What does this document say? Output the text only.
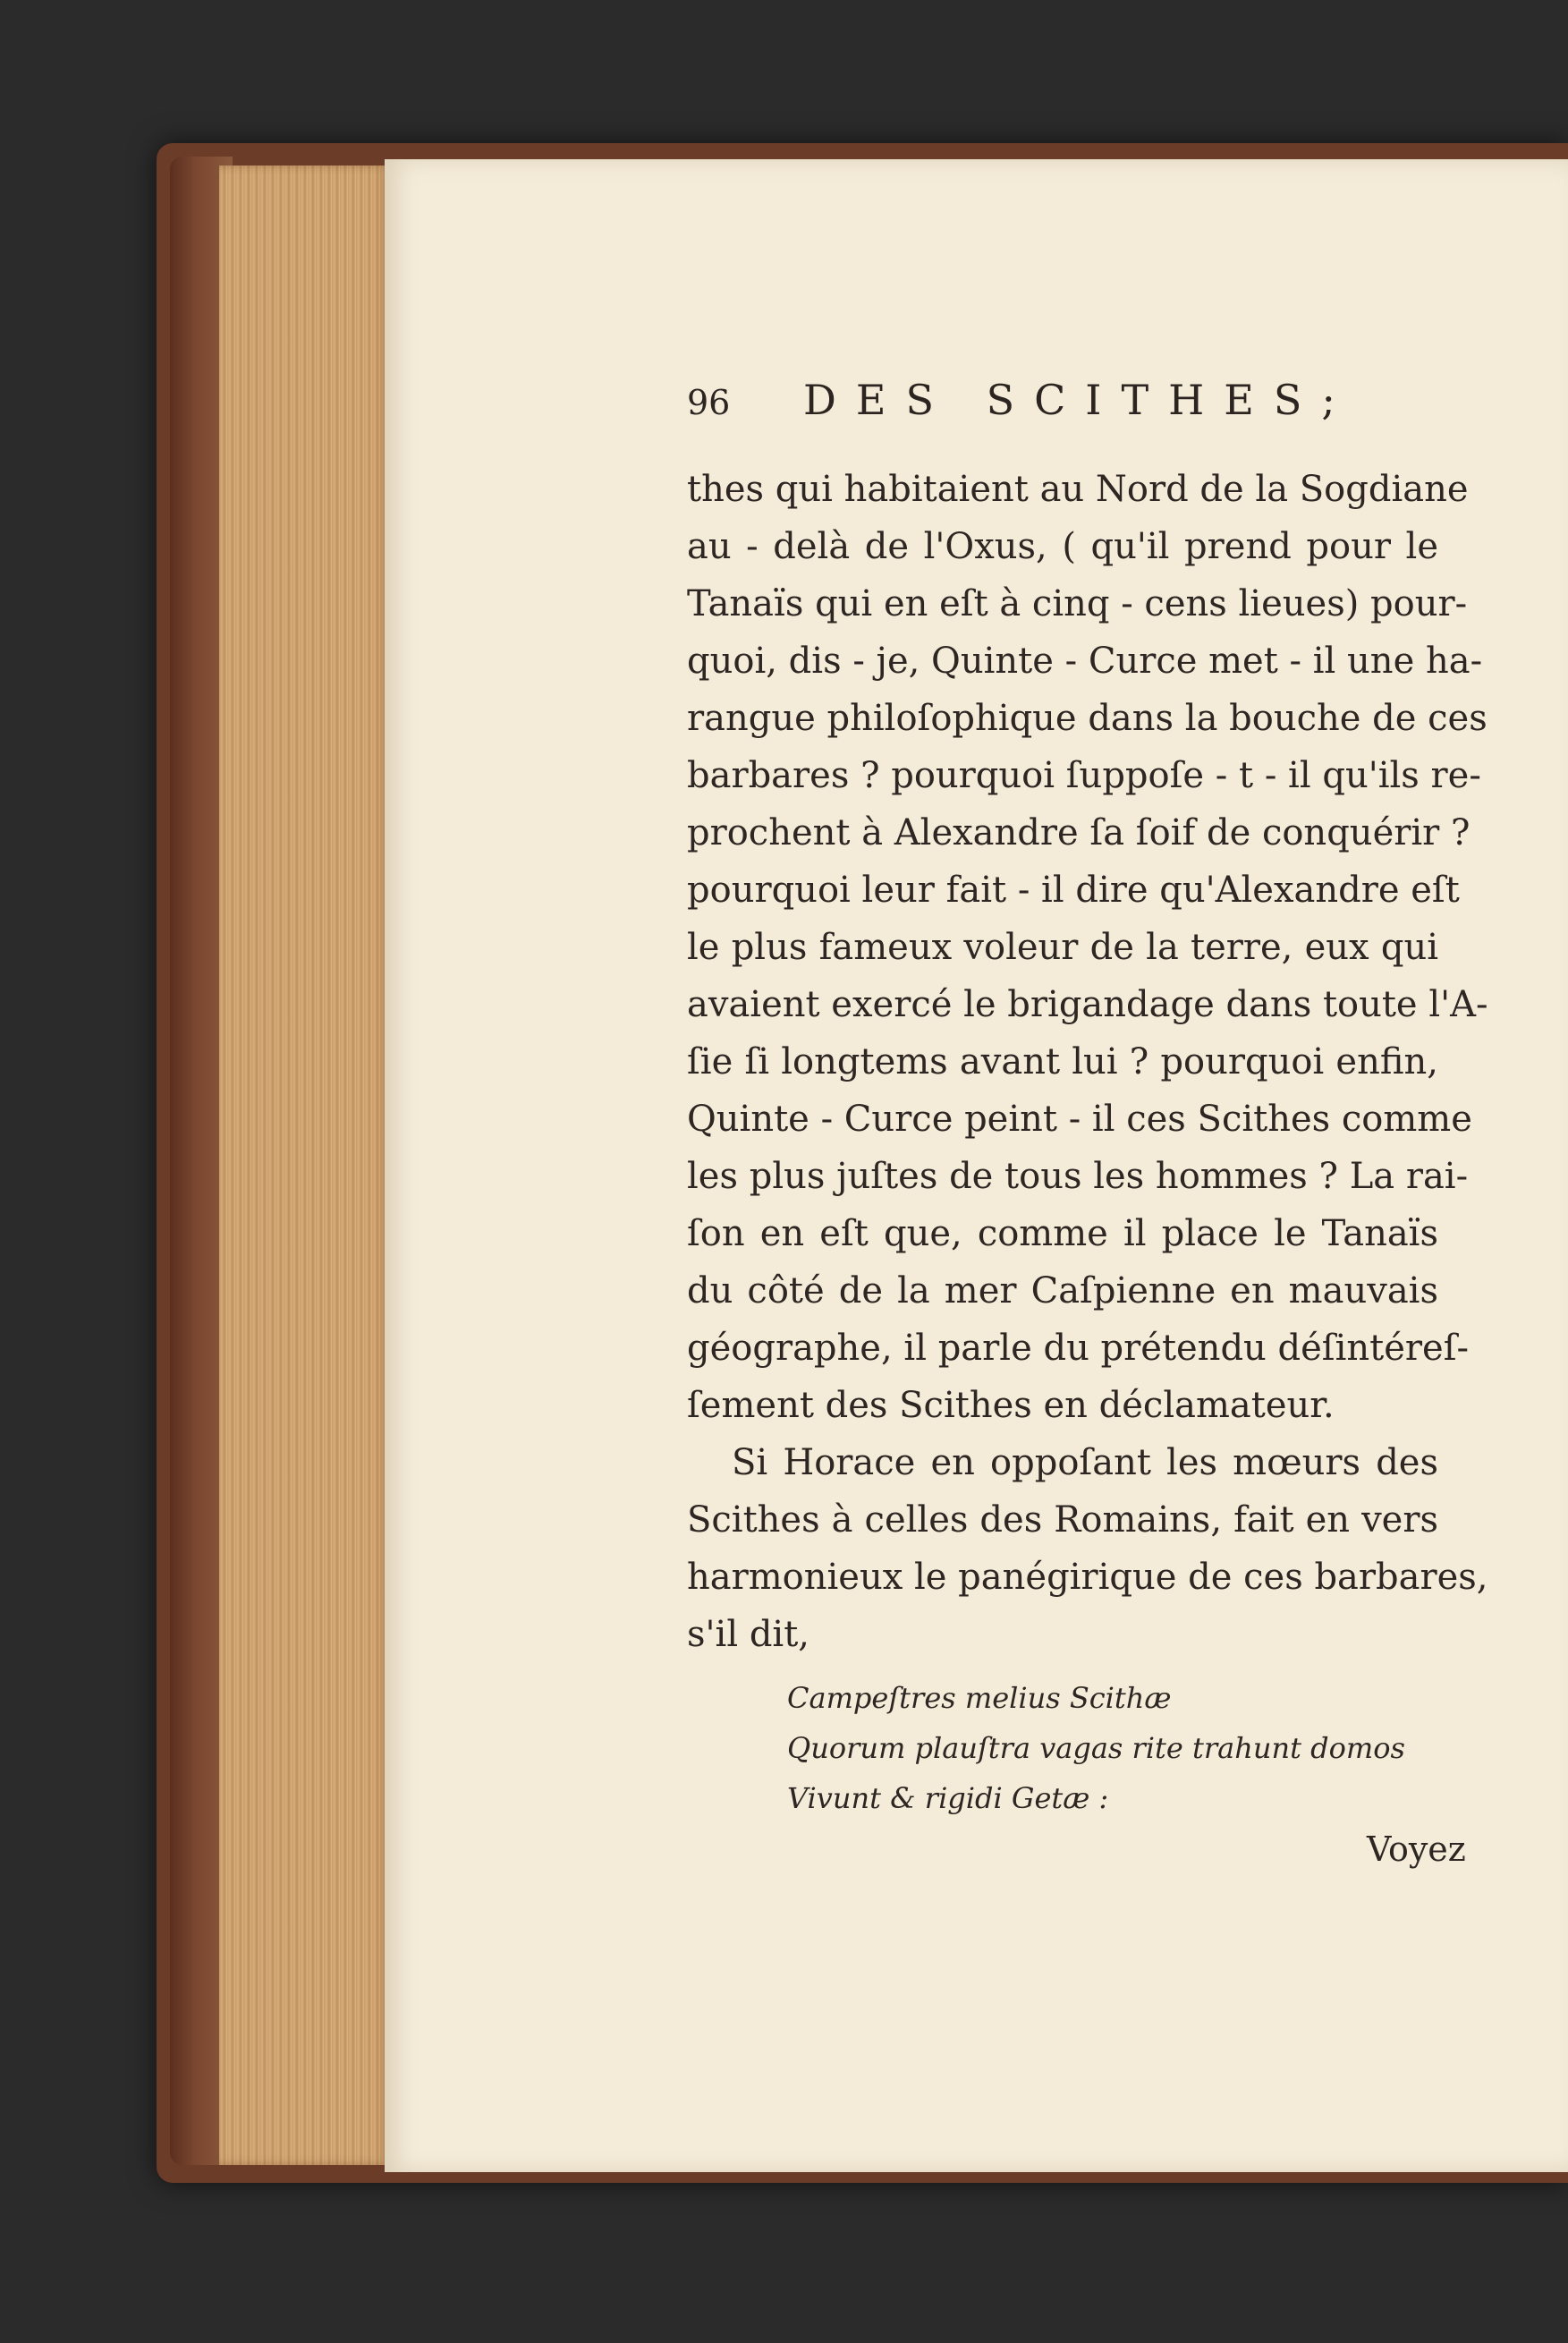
96	DES SCITHES;
thes qui habitaient au Nord de la Sogdiane
au - delà de l'Oxus, ( qu'il prend pour le
Tanaïs qui en eſt à cinq - cens lieues) pour-
quoi, dis - je, Quinte - Curce met - il une ha-
rangue philoſophique dans la bouche de ces
barbares ? pourquoi ſuppoſe - t - il qu'ils re-
prochent à Alexandre ſa ſoif de conquérir ?
pourquoi leur fait - il dire qu'Alexandre eſt
le plus fameux voleur de la terre, eux qui
avaient exercé le brigandage dans toute l'A-
ſie ſi longtems avant lui ? pourquoi enfin,
Quinte - Curce peint - il ces Scithes comme
les plus juſtes de tous les hommes ? La rai-
ſon en eſt que, comme il place le Tanaïs
du côté de la mer Caſpienne en mauvais
géographe, il parle du prétendu déſintéreſ-
ſement des Scithes en déclamateur.
Si Horace en oppoſant les mœurs des
Scithes à celles des Romains, fait en vers
harmonieux le panégirique de ces barbares,
s'il dit,
Campeſtres melius Scithæ
Quorum plauſtra vagas rite trahunt domos
Vivunt & rigidi Getæ :
Voyez
